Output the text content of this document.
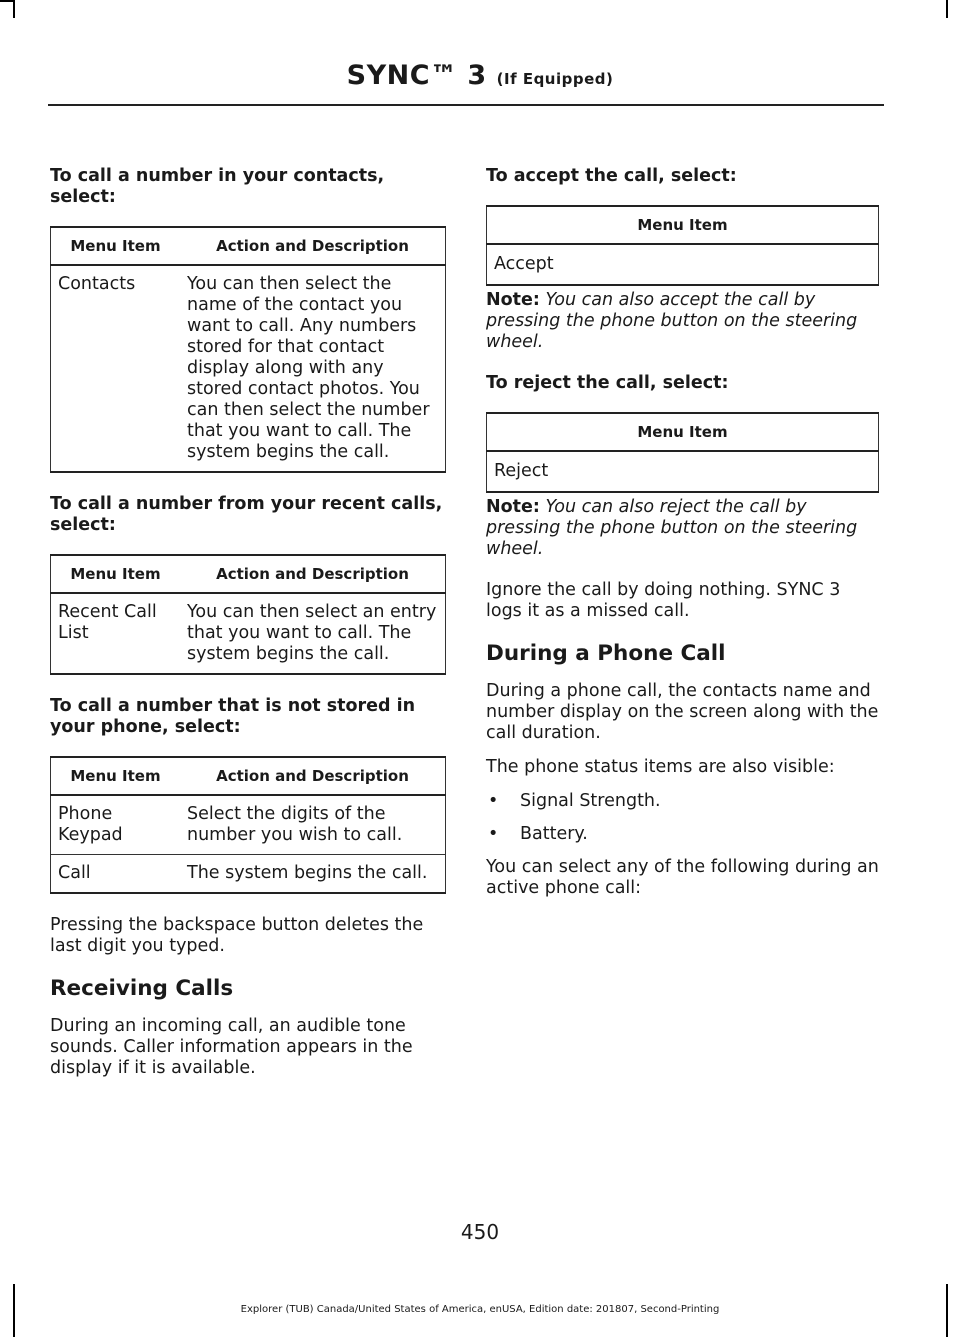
SYNC™ 3 (If Equipped)

To call a number in your contacts, select:

Menu Item	Action and Description
Contacts	You can then select the name of the contact you want to call. Any numbers stored for that contact display along with any stored contact photos. You can then select the number that you want to call. The system begins the call.

To call a number from your recent calls, select:

Menu Item	Action and Description
Recent Call List	You can then select an entry that you want to call. The system begins the call.

To call a number that is not stored in your phone, select:

Menu Item	Action and Description
Phone Keypad	Select the digits of the number you wish to call.
Call	The system begins the call.

Pressing the backspace button deletes the last digit you typed.

Receiving Calls

During an incoming call, an audible tone sounds. Caller information appears in the display if it is available.

To accept the call, select:

Menu Item
Accept

Note: You can also accept the call by pressing the phone button on the steering wheel.

To reject the call, select:

Menu Item
Reject

Note: You can also reject the call by pressing the phone button on the steering wheel.

Ignore the call by doing nothing. SYNC 3 logs it as a missed call.

During a Phone Call

During a phone call, the contacts name and number display on the screen along with the call duration.

The phone status items are also visible:

• Signal Strength.
• Battery.

You can select any of the following during an active phone call:

450
Explorer (TUB) Canada/United States of America, enUSA, Edition date: 201807, Second-Printing
